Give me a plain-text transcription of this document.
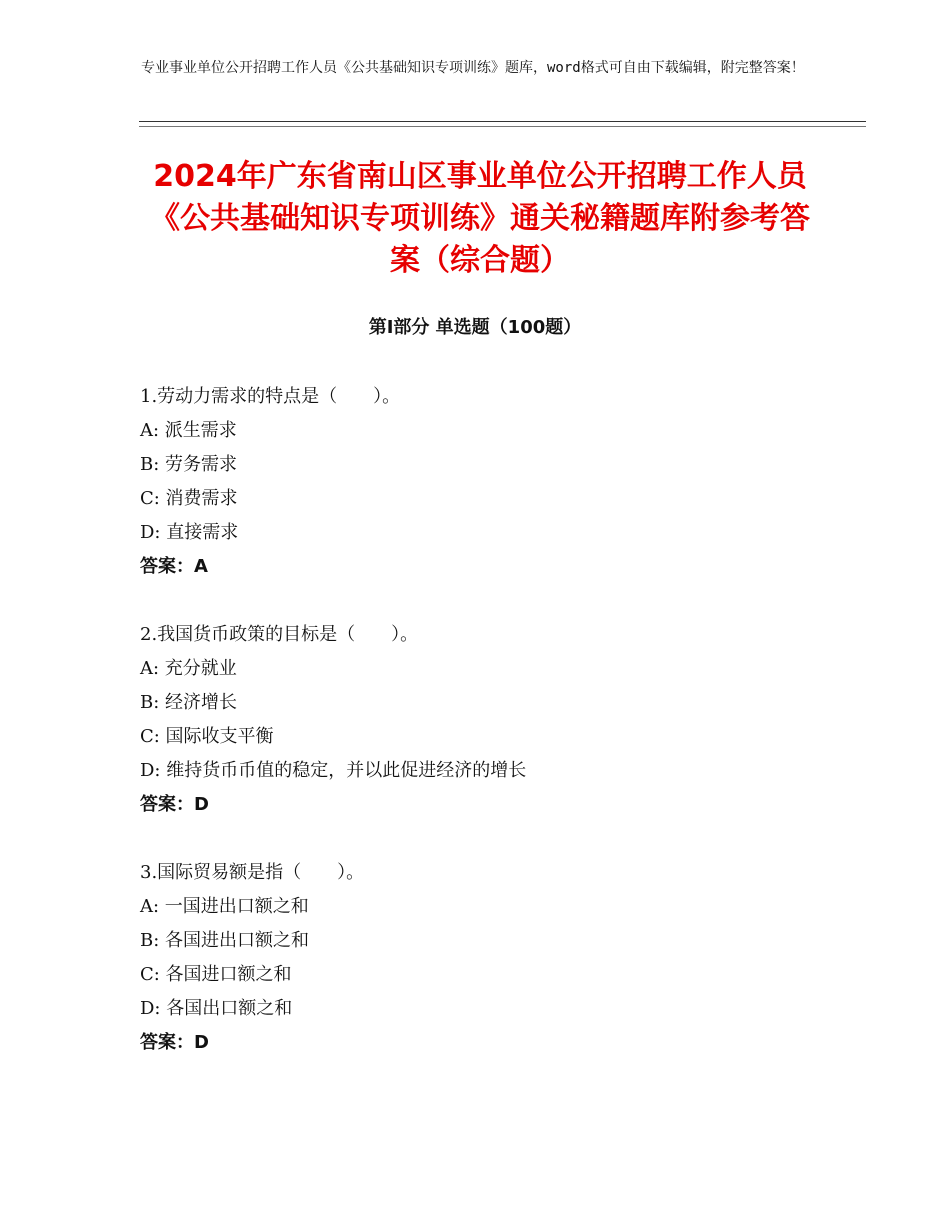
专业事业单位公开招聘工作人员《公共基础知识专项训练》题库，word格式可自由下载编辑，附完整答案！
2024年广东省南山区事业单位公开招聘工作人员《公共基础知识专项训练》通关秘籍题库附参考答案（综合题）
第I部分 单选题（100题）
1.劳动力需求的特点是（　　）。
A: 派生需求
B: 劳务需求
C: 消费需求
D: 直接需求
答案：A
2.我国货币政策的目标是（　　）。
A: 充分就业
B: 经济增长
C: 国际收支平衡
D: 维持货币币值的稳定，并以此促进经济的增长
答案：D
3.国际贸易额是指（　　）。
A: 一国进出口额之和
B: 各国进出口额之和
C: 各国进口额之和
D: 各国出口额之和
答案：D
